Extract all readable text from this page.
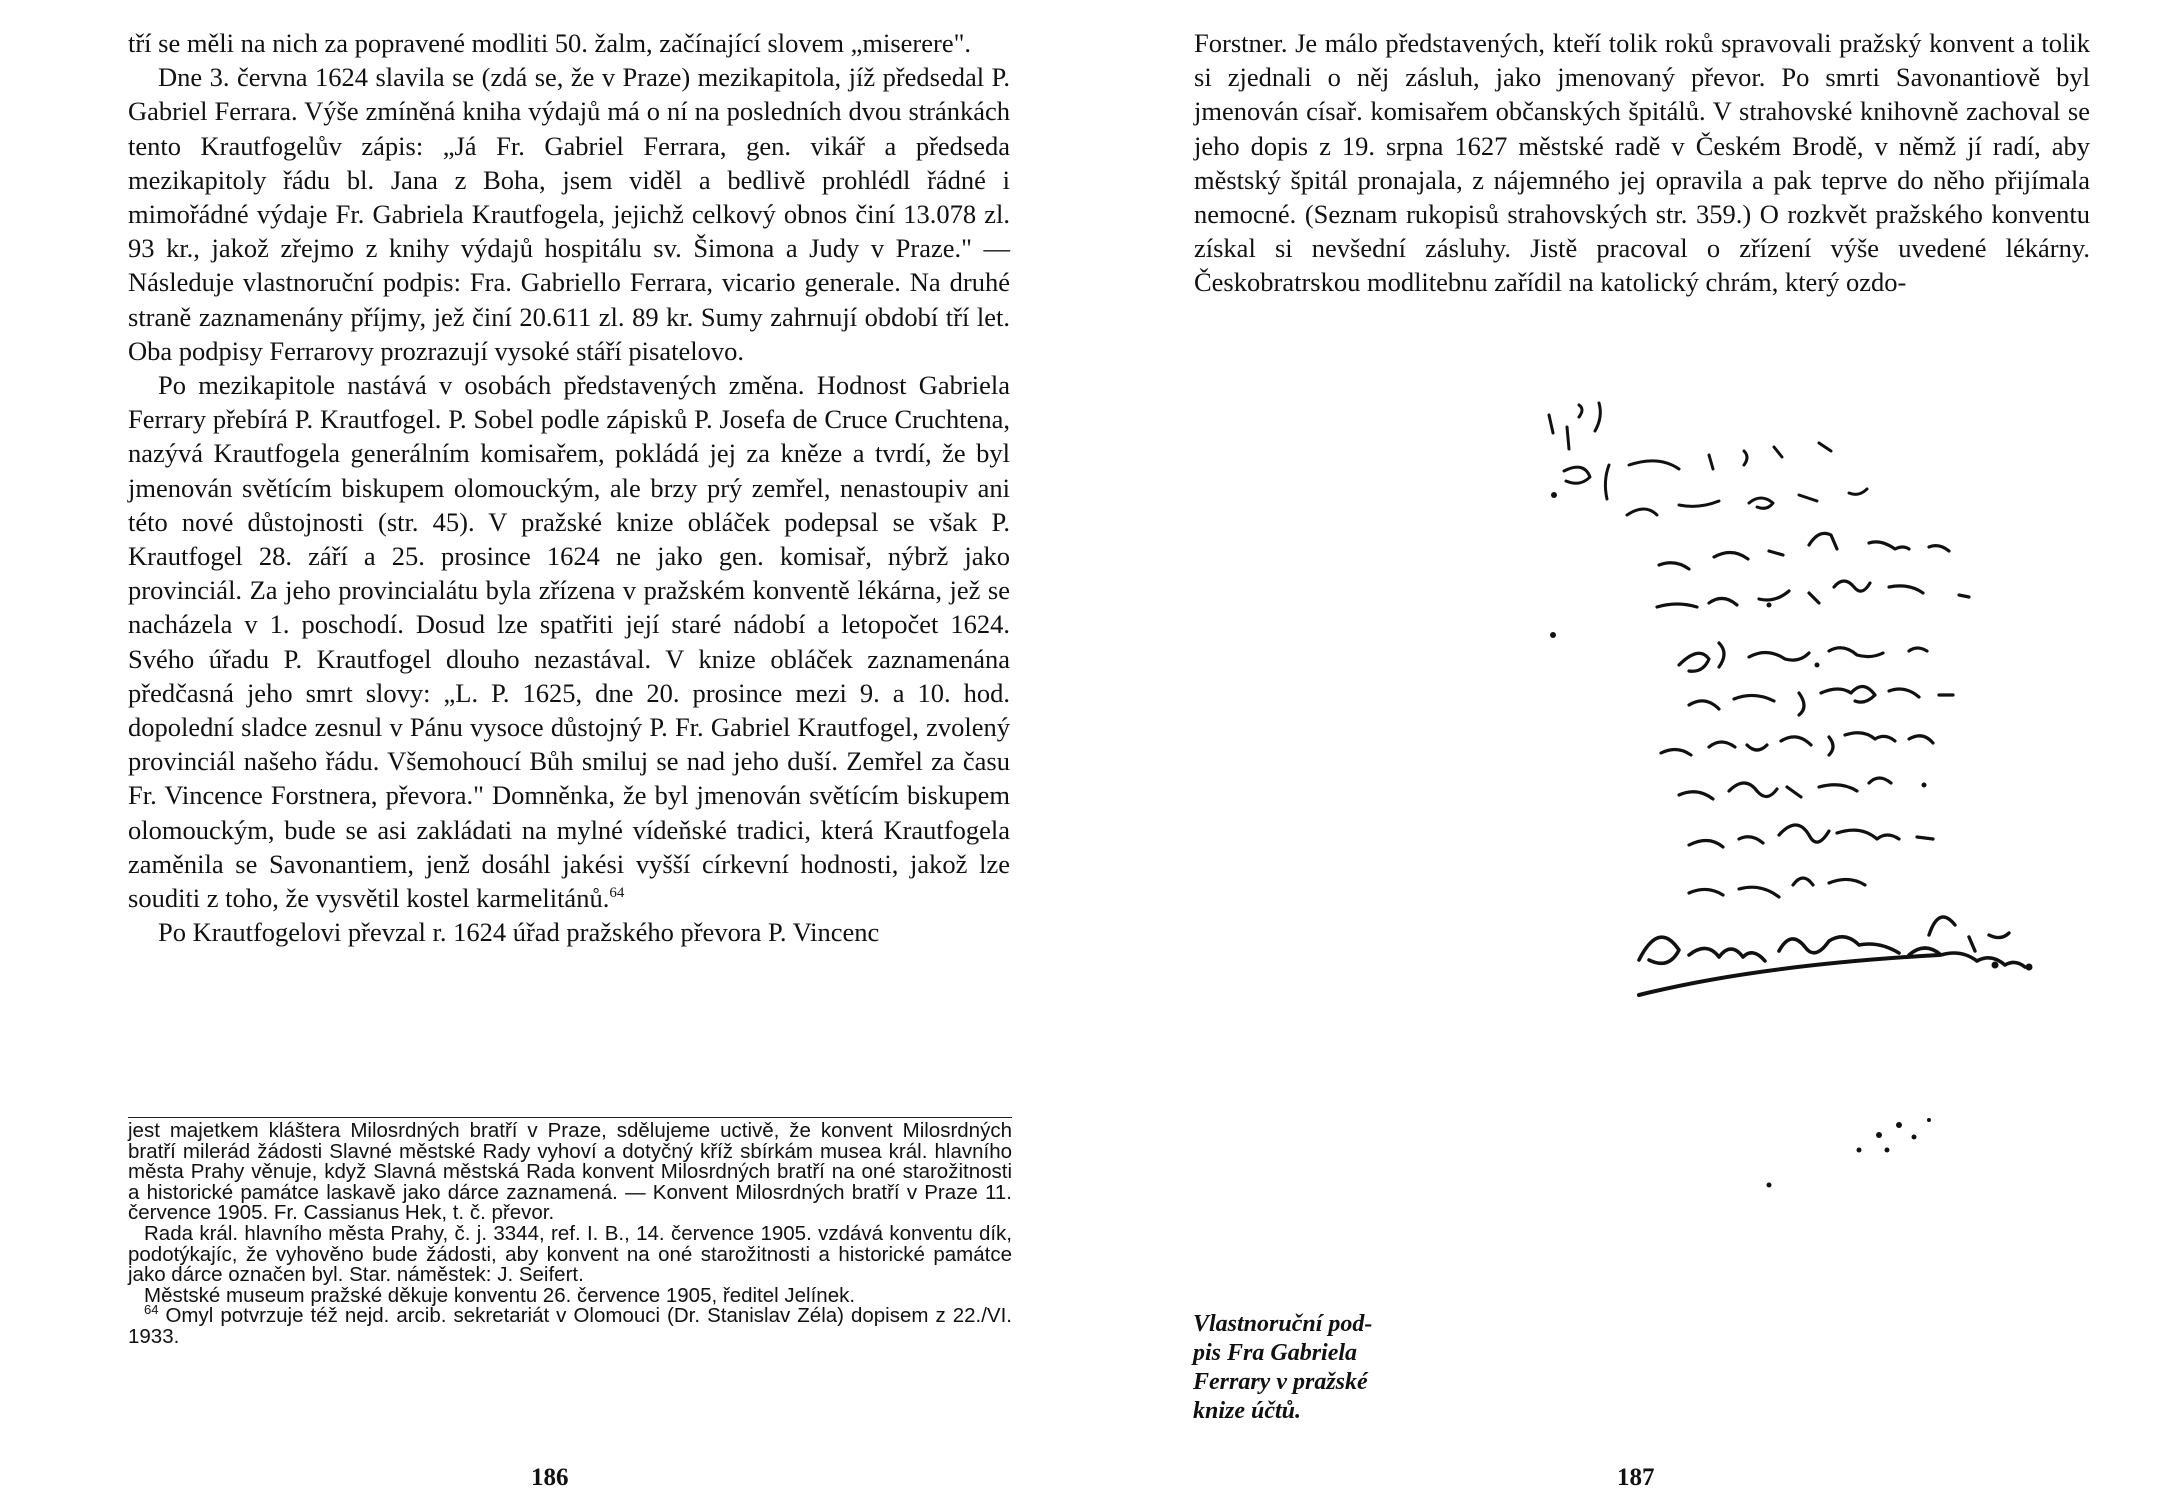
tří se měli na nich za popravené modliti 50. žalm, začínající slovem „miserere".

Dne 3. června 1624 slavila se (zdá se, že v Praze) mezikapitola, jíž předsedal P. Gabriel Ferrara. Výše zmíněná kniha výdajů má o ní na posledních dvou stránkách tento Krautfogelův zápis: „Já Fr. Gabriel Ferrara, gen. vikář a předseda mezikapitoly řádu bl. Jana z Boha, jsem viděl a bedlivě prohlédl řádné i mimořádné výdaje Fr. Gabriela Krautfogela, jejichž celkový obnos činí 13.078 zl. 93 kr., jakož zřejmo z knihy výdajů hospitálu sv. Šimona a Judy v Praze." — Následuje vlastnoruční podpis: Fra. Gabriello Ferrara, vicario generale. Na druhé straně zaznamenány příjmy, jež činí 20.611 zl. 89 kr. Sumy zahrnují období tří let. Oba podpisy Ferrarovy prozrazují vysoké stáří pisatelovo.

Po mezikapitole nastává v osobách představených změna. Hodnost Gabriela Ferrary přebírá P. Krautfogel. P. Sobel podle zápisků P. Josefa de Cruce Cruchtena, nazývá Krautfogela generálním komisařem, pokládá jej za kněze a tvrdí, že byl jmenován světícím biskupem olomouckým, ale brzy prý zemřel, nenastoupiv ani této nové důstojnosti (str. 45). V pražské knize obláček podepsal se však P. Krautfogel 28. září a 25. prosince 1624 ne jako gen. komisař, nýbrž jako provinciál. Za jeho provincialátu byla zřízena v pražském konventě lékárna, jež se nacházela v 1. poschodí. Dosud lze spatřiti její staré nádobí a letopočet 1624. Svého úřadu P. Krautfogel dlouho nezastával. V knize obláček zaznamenána předčasná jeho smrt slovy: „L. P. 1625, dne 20. prosince mezi 9. a 10. hod. dopolední sladce zesnul v Pánu vysoce důstojný P. Fr. Gabriel Krautfogel, zvolený provinciál našeho řádu. Všemohoucí Bůh smiluj se nad jeho duší. Zemřel za času Fr. Vincence Forstnera, převora." Domněnka, že byl jmenován světícím biskupem olomouckým, bude se asi zakládati na mylné vídeňské tradici, která Krautfogela zaměnila se Savonantiem, jenž dosáhl jakési vyšší církevní hodnosti, jakož lze souditi z toho, že vysvětil kostel karmelitánů.$^{64}$

Po Krautfogelovi převzal r. 1624 úřad pražského převora P. Vincenc

jest majetkem kláštera Milosrdných bratří v Praze, sdělujeme uctivě, že konvent Milosrdných bratří milerád žádosti Slavné městské Rady vyhoví a dotyčný kříž sbírkám musea král. hlavního města Prahy věnuje, když Slavná městská Rada konvent Milosrdných bratří na oné starožitnosti a historické památce laskavě jako dárce zaznamená. — Konvent Milosrdných bratří v Praze 11. července 1905. Fr. Cassianus Hek, t. č. převor.

Rada král. hlavního města Prahy, č. j. 3344, ref. I. B., 14. července 1905. vzdává konventu dík, podotýkajíc, že vyhověno bude žádosti, aby konvent na oné starožitnosti a historické památce jako dárce označen byl. Star. náměstek: J. Seifert.

Městské museum pražské děkuje konventu 26. července 1905, ředitel Jelínek.

$^{64}$ Omyl potvrzuje též nejd. arcib. sekretariát v Olomouci (Dr. Stanislav Zéla) dopisem z 22./VI. 1933.

186

Forstner. Je málo představených, kteří tolik roků spravovali pražský konvent a tolik si zjednali o něj zásluh, jako jmenovaný převor. Po smrti Savonantiově byl jmenován císař. komisařem občanských špitálů. V strahovské knihovně zachoval se jeho dopis z 19. srpna 1627 městské radě v Českém Brodě, v němž jí radí, aby městský špitál pronajala, z nájemného jej opravila a pak teprve do něho přijímala nemocné. (Seznam rukopisů strahovských str. 359.) O rozkvět pražského konventu získal si nevšední zásluhy. Jistě pracoval o zřízení výše uvedené lékárny. Českobratrskou modlitebnu zařídil na katolický chrám, který ozdo-

Vlastnoruční pod-
pis Fra Gabriela
Ferrary v pražské
knize účtů.
187
